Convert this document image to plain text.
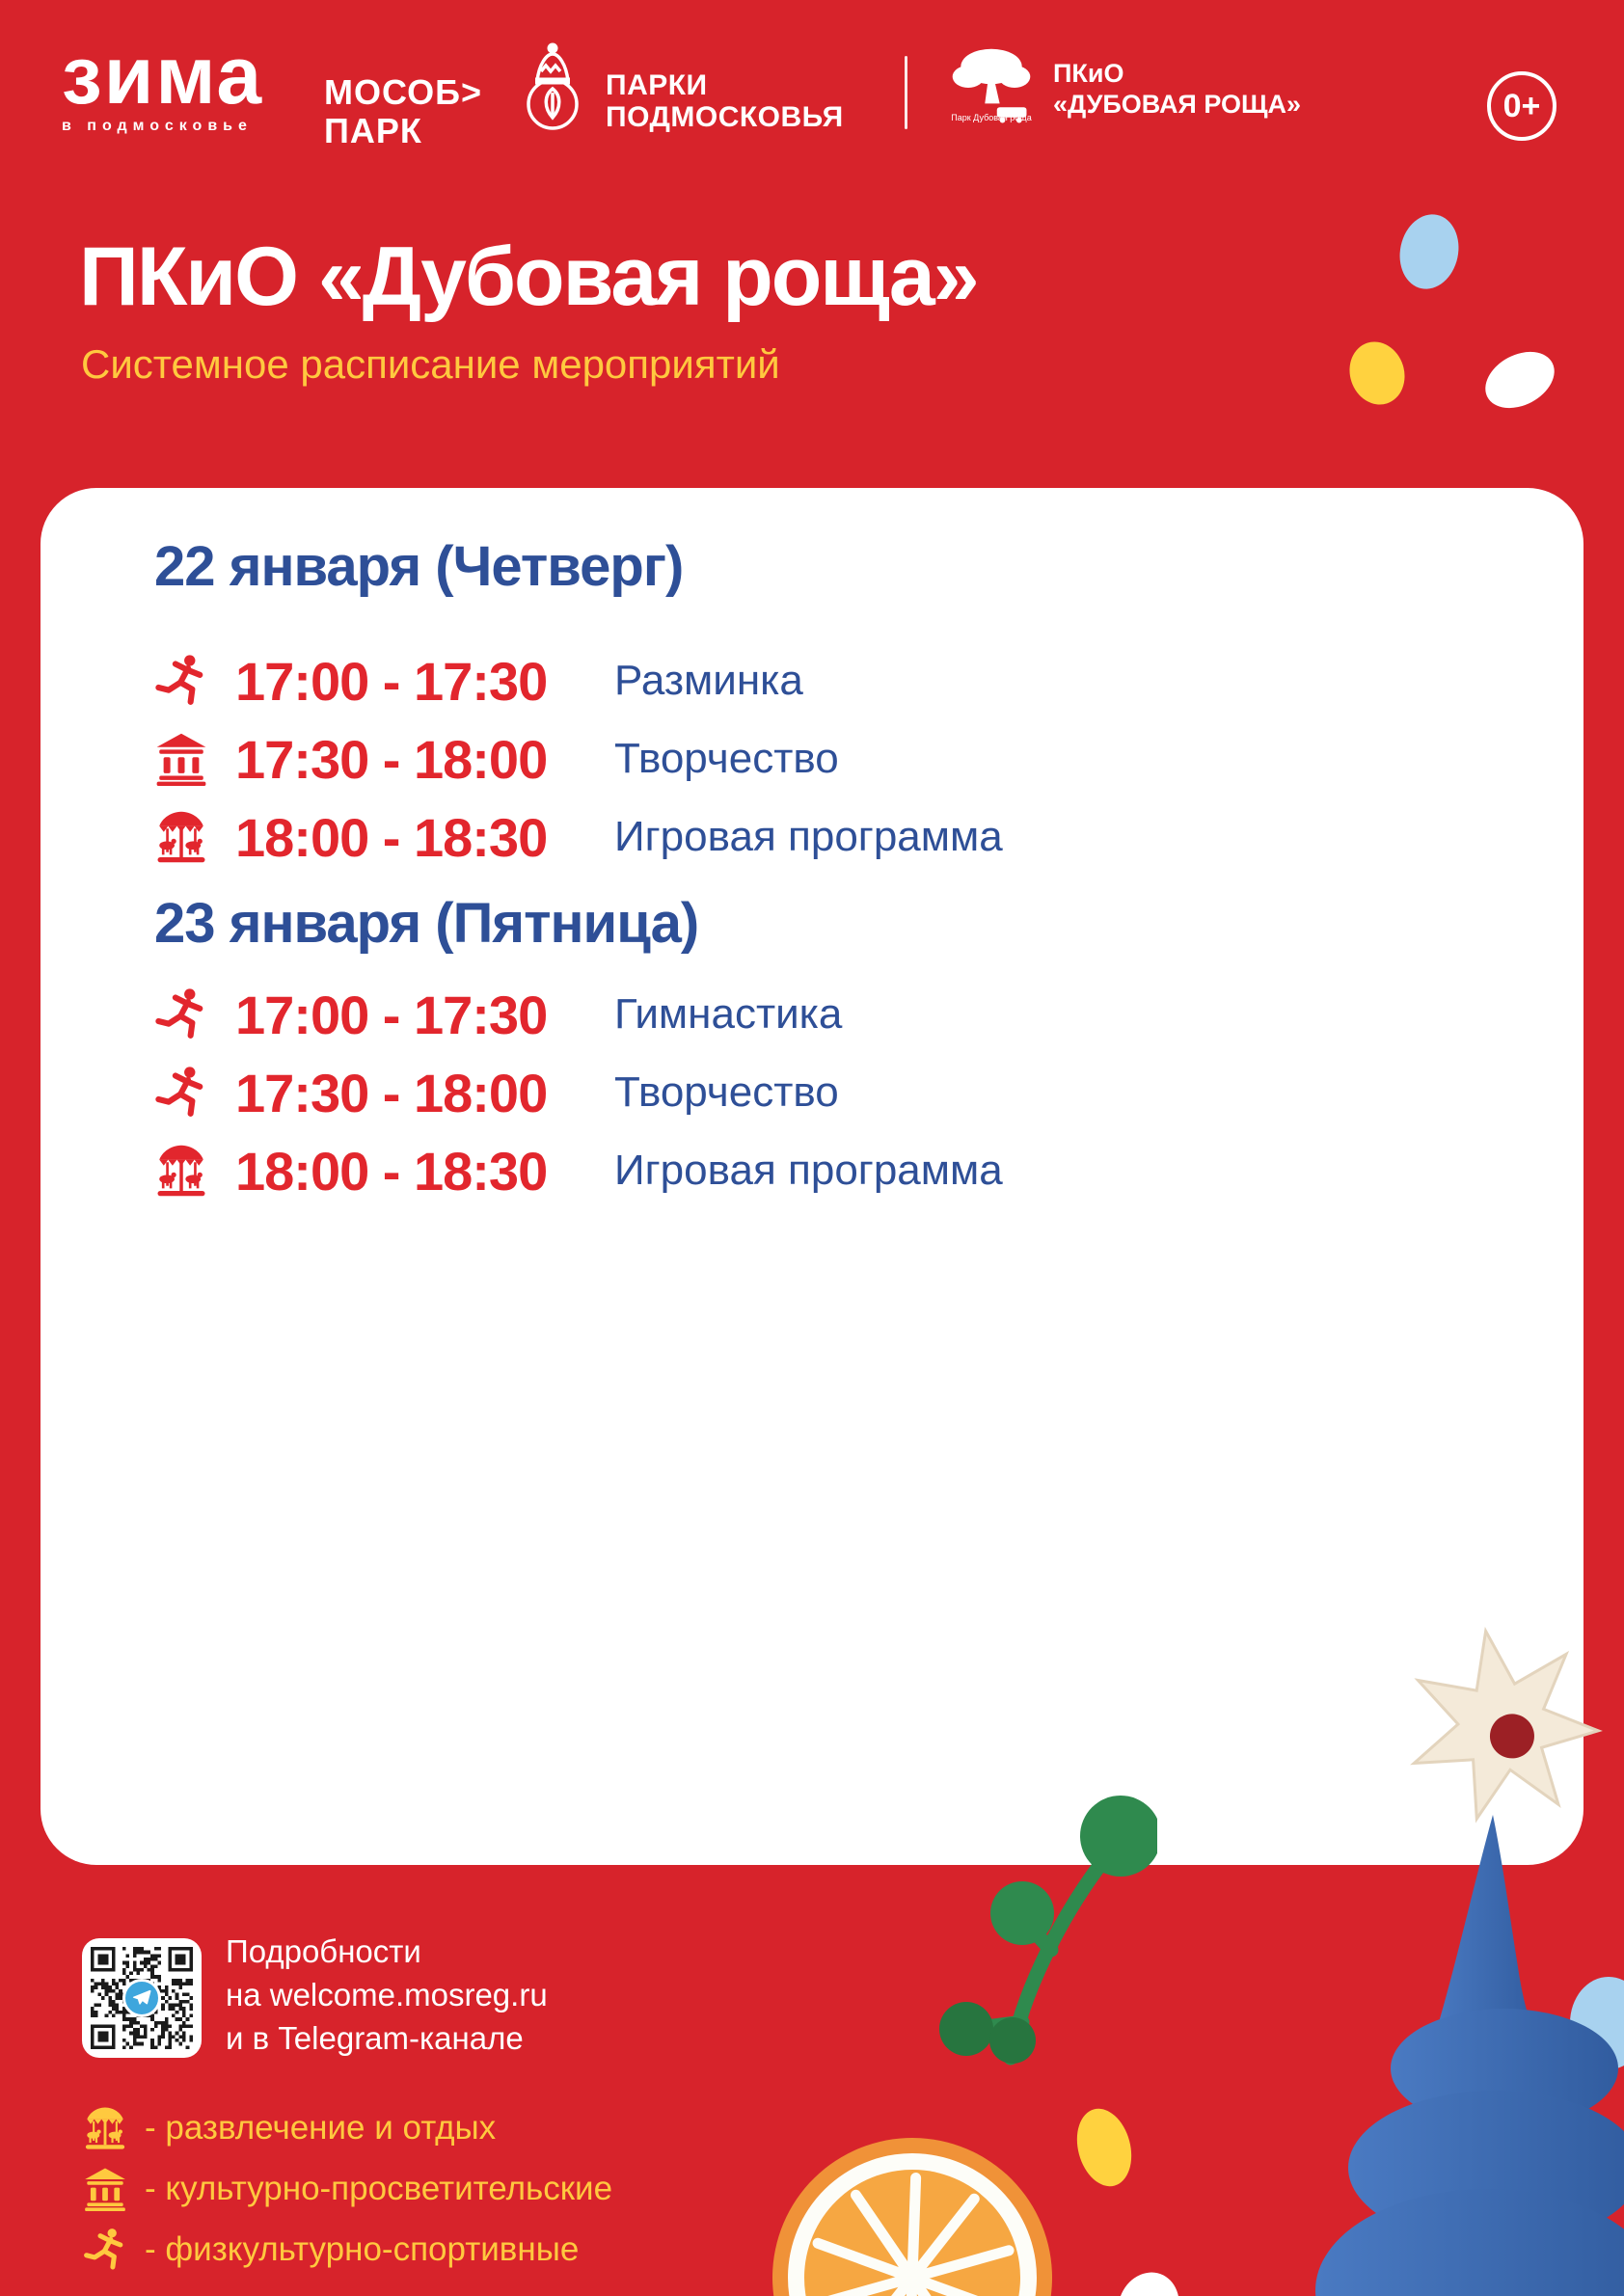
зима
в подмосковье
МОСОБ>
ПАРК
ПАРКИ
ПОДМОСКОВЬЯ
ПКиО
«ДУБОВАЯ РОЩА»
Парк Дубовая роща	0+
ПКиО «Дубовая роща»
Системное расписание мероприятий
22 января (Четверг)
17:00 - 17:30	Разминка
17:30 - 18:00	Творчество
18:00 - 18:30	Игровая программа
23 января (Пятница)
17:00 - 17:30	Гимнастика
17:30 - 18:00	Творчество
18:00 - 18:30	Игровая программа
Подробности
на welcome.mosreg.ru
и в Telegram-канале
- развлечение и отдых
- культурно-просветительские
- физкультурно-спортивные
